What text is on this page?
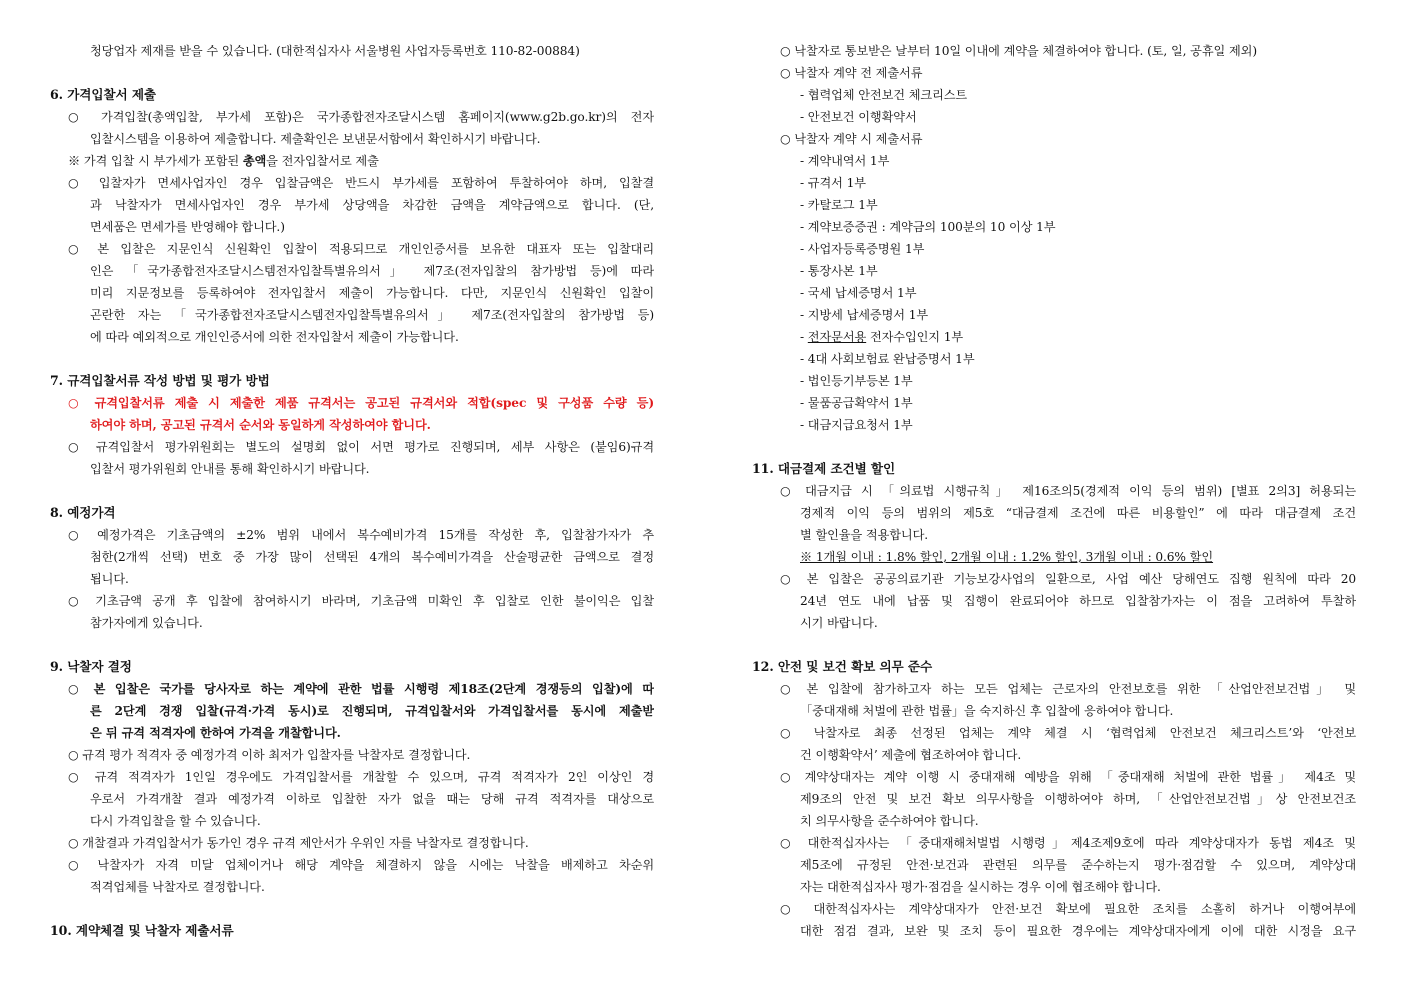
청당업자 제재를 받을 수 있습니다. (대한적십자사 서울병원 사업자등록번호 110-82-00884)
6. 가격입찰서 제출
○ 가격입찰(총액입찰, 부가세 포함)은 국가종합전자조달시스템 홈페이지(www.g2b.go.kr)의 전자
입찰시스템을 이용하여 제출합니다. 제출확인은 보낸문서함에서 확인하시기 바랍니다.
※ 가격 입찰 시 부가세가 포함된 총액을 전자입찰서로 제출
○ 입찰자가 면세사업자인 경우 입찰금액은 반드시 부가세를 포함하여 투찰하여야 하며, 입찰결
과 낙찰자가 면세사업자인 경우 부가세 상당액을 차감한 금액을 계약금액으로 합니다. (단,
면세품은 면세가를 반영해야 합니다.)
○ 본 입찰은 지문인식 신원확인 입찰이 적용되므로 개인인증서를 보유한 대표자 또는 입찰대리
인은 「국가종합전자조달시스템전자입찰특별유의서」 제7조(전자입찰의 참가방법 등)에 따라
미리 지문정보를 등록하여야 전자입찰서 제출이 가능합니다. 다만, 지문인식 신원확인 입찰이
곤란한 자는 「국가종합전자조달시스템전자입찰특별유의서」 제7조(전자입찰의 참가방법 등)
에 따라 예외적으로 개인인증서에 의한 전자입찰서 제출이 가능합니다.
7. 규격입찰서류 작성 방법 및 평가 방법
○ 규격입찰서류 제출 시 제출한 제품 규격서는 공고된 규격서와 적합(spec 및 구성품 수량 등)
하여야 하며, 공고된 규격서 순서와 동일하게 작성하여야 합니다.
○ 규격입찰서 평가위원회는 별도의 설명회 없이 서면 평가로 진행되며, 세부 사항은 (붙임6)규격
입찰서 평가위원회 안내를 통해 확인하시기 바랍니다.
8. 예정가격
○ 예정가격은 기초금액의 ±2% 범위 내에서 복수예비가격 15개를 작성한 후, 입찰참가자가 추
첨한(2개씩 선택) 번호 중 가장 많이 선택된 4개의 복수예비가격을 산술평균한 금액으로 결정
됩니다.
○ 기초금액 공개 후 입찰에 참여하시기 바라며, 기초금액 미확인 후 입찰로 인한 불이익은 입찰
참가자에게 있습니다.
9. 낙찰자 결정
○ 본 입찰은 국가를 당사자로 하는 계약에 관한 법률 시행령 제18조(2단계 경쟁등의 입찰)에 따
른 2단계 경쟁 입찰(규격·가격 동시)로 진행되며, 규격입찰서와 가격입찰서를 동시에 제출받
은 뒤 규격 적격자에 한하여 가격을 개찰합니다.
○ 규격 평가 적격자 중 예정가격 이하 최저가 입찰자를 낙찰자로 결정합니다.
○ 규격 적격자가 1인일 경우에도 가격입찰서를 개찰할 수 있으며, 규격 적격자가 2인 이상인 경
우로서 가격개찰 결과 예정가격 이하로 입찰한 자가 없을 때는 당해 규격 적격자를 대상으로
다시 가격입찰을 할 수 있습니다.
○ 개찰결과 가격입찰서가 동가인 경우 규격 제안서가 우위인 자를 낙찰자로 결정합니다.
○ 낙찰자가 자격 미달 업체이거나 해당 계약을 체결하지 않을 시에는 낙찰을 배제하고 차순위
적격업체를 낙찰자로 결정합니다.
10. 계약체결 및 낙찰자 제출서류
○ 낙찰자로 통보받은 날부터 10일 이내에 계약을 체결하여야 합니다. (토, 일, 공휴일 제외)
○ 낙찰자 계약 전 제출서류
- 협력업체 안전보건 체크리스트
- 안전보건 이행확약서
○ 낙찰자 계약 시 제출서류
- 계약내역서 1부
- 규격서 1부
- 카탈로그 1부
- 계약보증증권 : 계약금의 100분의 10 이상 1부
- 사업자등록증명원 1부
- 통장사본 1부
- 국세 납세증명서 1부
- 지방세 납세증명서 1부
- 전자문서용 전자수입인지 1부
- 4대 사회보험료 완납증명서 1부
- 법인등기부등본 1부
- 물품공급확약서 1부
- 대금지급요청서 1부
11. 대금결제 조건별 할인
○ 대금지급 시 「의료법 시행규칙」 제16조의5(경제적 이익 등의 범위) [별표 2의3] 허용되는
경제적 이익 등의 범위의 제5호 “대금결제 조건에 따른 비용할인” 에 따라 대금결제 조건
별 할인율을 적용합니다.
※ 1개월 이내 : 1.8% 할인, 2개월 이내 : 1.2% 할인, 3개월 이내 : 0.6% 할인
○ 본 입찰은 공공의료기관 기능보강사업의 일환으로, 사업 예산 당해연도 집행 원칙에 따라 20
24년 연도 내에 납품 및 집행이 완료되어야 하므로 입찰참가자는 이 점을 고려하여 투찰하
시기 바랍니다.
12. 안전 및 보건 확보 의무 준수
○ 본 입찰에 참가하고자 하는 모든 업체는 근로자의 안전보호를 위한 「산업안전보건법」 및
「중대재해 처벌에 관한 법률」을 숙지하신 후 입찰에 응하여야 합니다.
○ 낙찰자로 최종 선정된 업체는 계약 체결 시 ‘협력업체 안전보건 체크리스트’와 ‘안전보
건 이행확약서’ 제출에 협조하여야 합니다.
○ 계약상대자는 계약 이행 시 중대재해 예방을 위해 「중대재해 처벌에 관한 법률」 제4조 및
제9조의 안전 및 보건 확보 의무사항을 이행하여야 하며, 「산업안전보건법」상 안전보건조
치 의무사항을 준수하여야 합니다.
○ 대한적십자사는 「중대재해처벌법 시행령」제4조제9호에 따라 계약상대자가 동법 제4조 및
제5조에 규정된 안전·보건과 관련된 의무를 준수하는지 평가·점검할 수 있으며, 계약상대
자는 대한적십자사 평가·점검을 실시하는 경우 이에 협조해야 합니다.
○ 대한적십자사는 계약상대자가 안전·보건 확보에 필요한 조치를 소홀히 하거나 이행여부에
대한 점검 결과, 보완 및 조치 등이 필요한 경우에는 계약상대자에게 이에 대한 시정을 요구
